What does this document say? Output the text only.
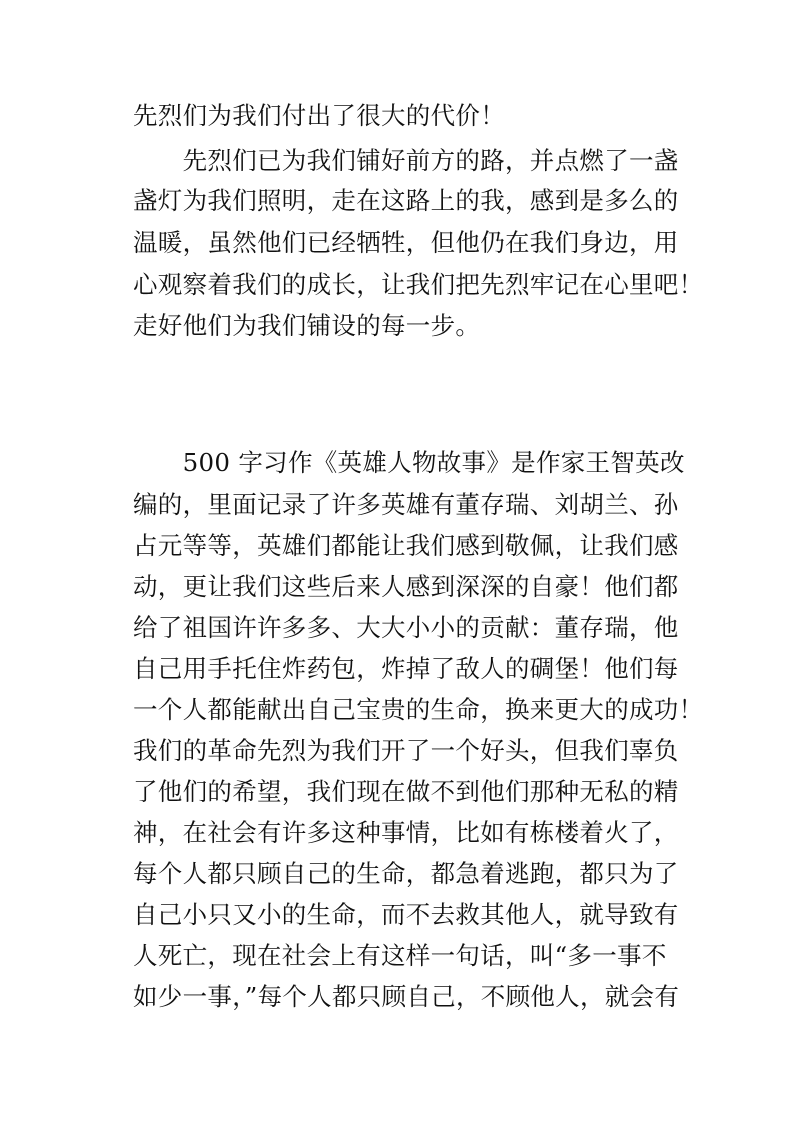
先烈们为我们付出了很大的代价！
　　先烈们已为我们铺好前方的路，并点燃了一盏
盏灯为我们照明，走在这路上的我，感到是多么的
温暖，虽然他们已经牺牲，但他仍在我们身边，用
心观察着我们的成长，让我们把先烈牢记在心里吧！
走好他们为我们铺设的每一步。
　　500 字习作《英雄人物故事》是作家王智英改
编的，里面记录了许多英雄有董存瑞、刘胡兰、孙
占元等等，英雄们都能让我们感到敬佩，让我们感
动，更让我们这些后来人感到深深的自豪！他们都
给了祖国许许多多、大大小小的贡献：董存瑞，他
自己用手托住炸药包，炸掉了敌人的碉堡！他们每
一个人都能献出自己宝贵的生命，换来更大的成功！
我们的革命先烈为我们开了一个好头，但我们辜负
了他们的希望，我们现在做不到他们那种无私的精
神，在社会有许多这种事情，比如有栋楼着火了，
每个人都只顾自己的生命，都急着逃跑，都只为了
自己小只又小的生命，而不去救其他人，就导致有
人死亡，现在社会上有这样一句话，叫“多一事不
如少一事，”每个人都只顾自己，不顾他人，就会有
